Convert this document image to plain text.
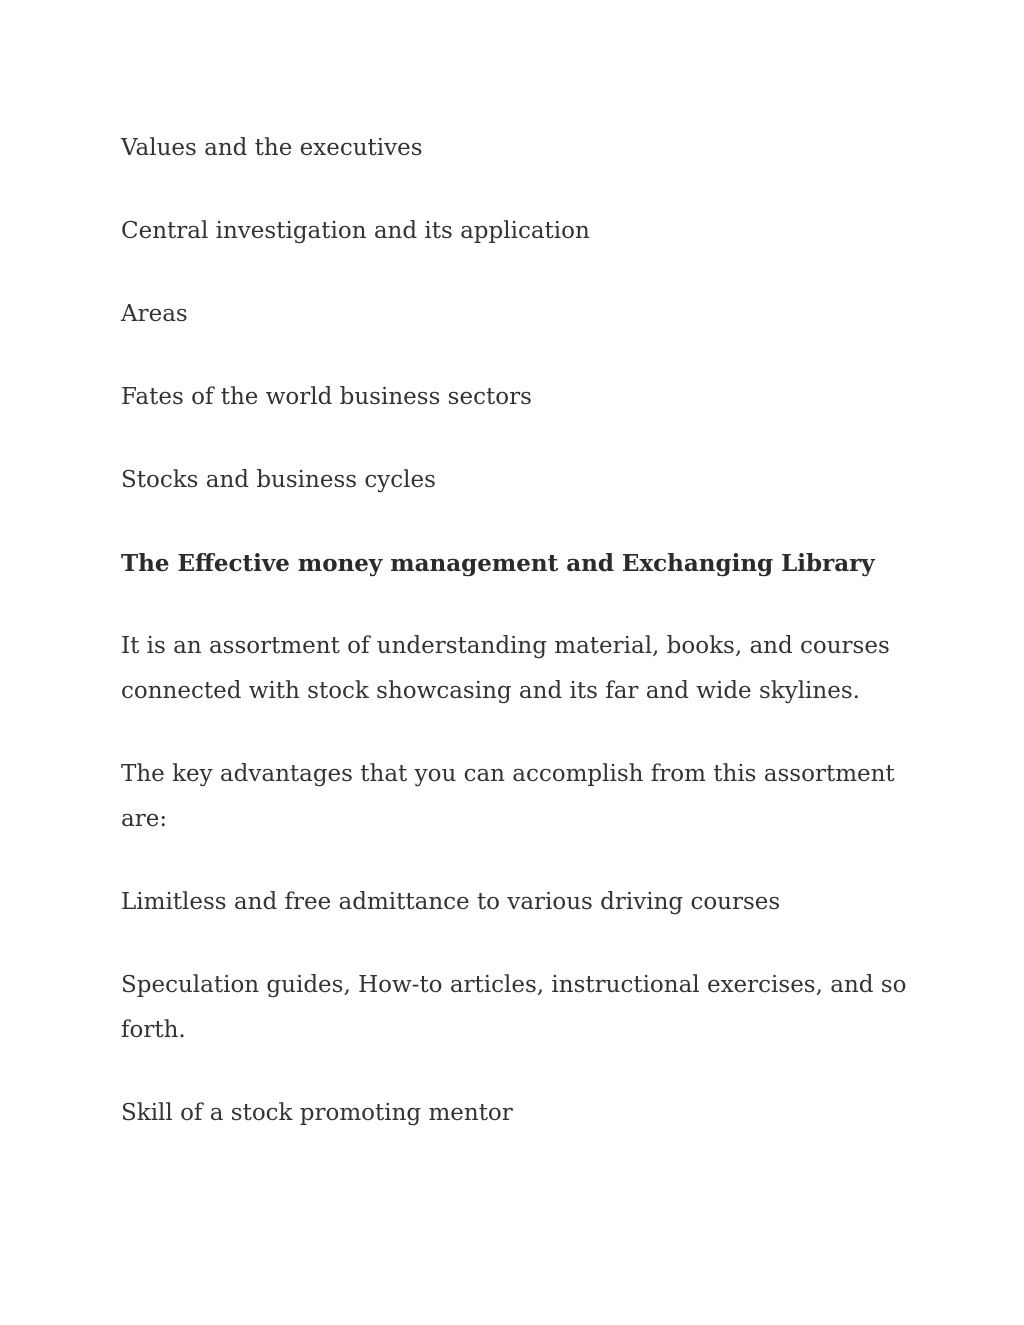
Values and the executives

Central investigation and its application

Areas

Fates of the world business sectors

Stocks and business cycles

The Effective money management and Exchanging Library

It is an assortment of understanding material, books, and courses connected with stock showcasing and its far and wide skylines.

The key advantages that you can accomplish from this assortment are:

Limitless and free admittance to various driving courses

Speculation guides, How-to articles, instructional exercises, and so forth.

Skill of a stock promoting mentor
